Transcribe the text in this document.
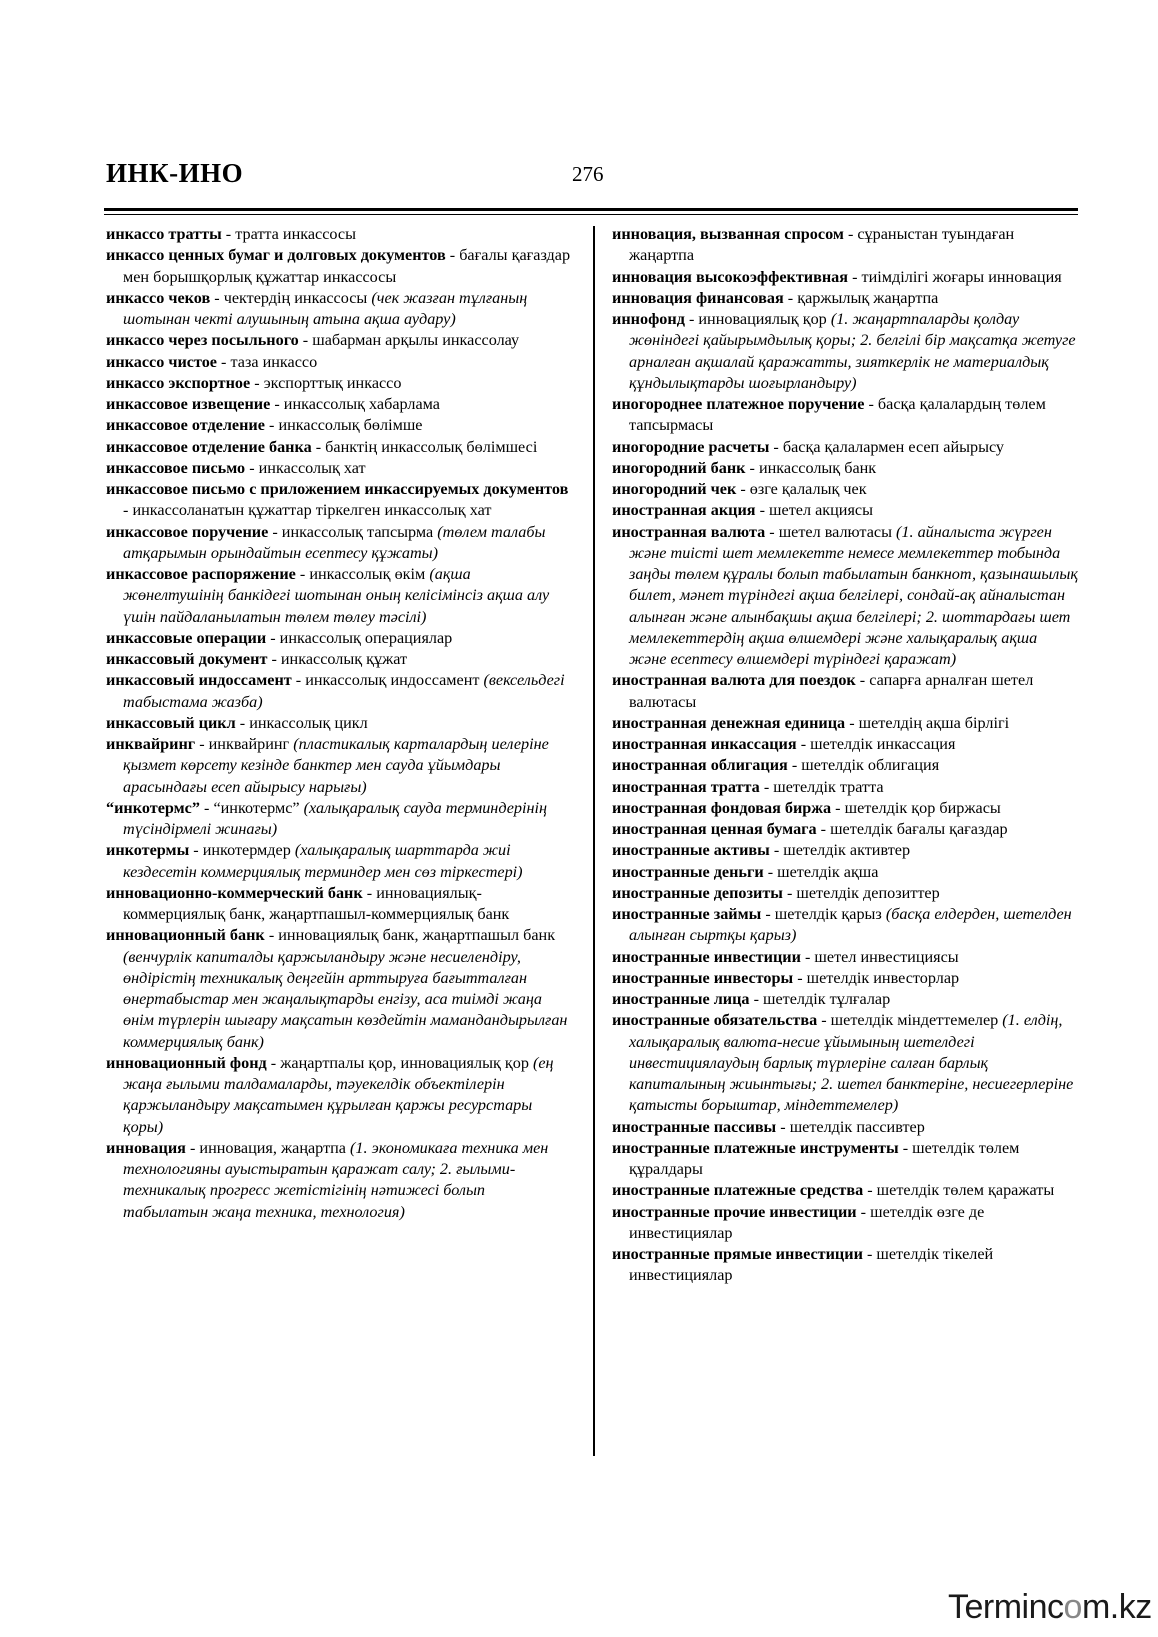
ИНК-ИНО	276

инкассо тратты - тратта инкассосы

инкассо ценных бумаг и долговых документов - бағалы қағаздар мен борышқорлық құжаттар инкассосы

инкассо чеков - чектердің инкассосы (чек жазған тұлғаның шотынан чекті алушының атына ақша аудару)

инкассо через посыльного - шабарман арқылы инкассолау

инкассо чистое - таза инкассо

инкассо экспортное - экспорттық инкассо

инкассовое извещение - инкассолық хабарлама

инкассовое отделение - инкассолық бөлімше

инкассовое отделение банка - банктің инкассолық бөлімшесі

инкассовое письмо - инкассолық хат

инкассовое письмо с приложением инкассируемых документов - инкассоланатын құжаттар тіркелген инкассолық хат

инкассовое поручение - инкассолық тапсырма (төлем талабы атқарымын орындайтын есептесу құжаты)

инкассовое распоряжение - инкассолық өкім (ақша жөнелтушінің банкідегі шотынан оның келісімінсіз ақша алу үшін пайдаланылатын төлем төлеу тәсілі)

инкассовые операции - инкассолық операциялар

инкассовый документ - инкассолық құжат

инкассовый индоссамент - инкассолық индоссамент (вексельдегі табыстама жазба)

инкассовый цикл - инкассолық цикл

инквайринг - инквайринг (пластикалық карталардың иелеріне қызмет көрсету кезінде банктер мен сауда ұйымдары арасындағы есеп айырысу нарығы)

“инкотермс” - “инкотермс” (халықаралық сауда терминдерінің түсіндірмелі жинағы)

инкотермы - инкотермдер (халықаралық шарттарда жиі кездесетін коммерциялық терминдер мен сөз тіркестері)

инновационно-коммерческий банк - инновациялық-коммерциялық банк, жаңартпашыл-коммерциялық банк

инновационный банк - инновациялық банк, жаңартпашыл банк (венчурлік капиталды қаржыландыру және несиелендіру, өндірістің техникалық деңгейін арттыруға бағытталған өнертабыстар мен жаңалықтарды енгізу, аса тиімді жаңа өнім түрлерін шығару мақсатын көздейтін мамандандырылған коммерциялық банк)

инновационный фонд - жаңартпалы қор, инновациялық қор (ең жаңа ғылыми талдамаларды, тәуекелдік объектілерін қаржыландыру мақсатымен құрылған қаржы ресурстары қоры)

инновация - инновация, жаңартпа (1. экономикаға техника мен технологияны ауыстыратын қаражат салу; 2. ғылыми-техникалық прогресс жетістігінің нәтижесі болып табылатын жаңа техника, технология)

инновация, вызванная спросом - сұраныстан туындаған жаңартпа

инновация высокоэффективная - тиімділігі жоғары инновация

инновация финансовая - қаржылық жаңартпа

иннофонд - инновациялық қор (1. жаңартпаларды қолдау жөніндегі қайырымдылық қоры; 2. белгілі бір мақсатқа жетуге арналған ақшалай қаражатты, зияткерлік не материалдық құндылықтарды шоғырландыру)

иногороднее платежное поручение - басқа қалалардың төлем тапсырмасы

иногородние расчеты - басқа қалалармен есеп айырысу

иногородний банк - инкассолық банк

иногородний чек - өзге қалалық чек

иностранная акция - шетел акциясы

иностранная валюта - шетел валютасы (1. айналыста жүрген және тиісті шет мемлекетте немесе мемлекеттер тобында заңды төлем құралы болып табылатын банкнот, қазынашылық билет, мәнет түріндегі ақша белгілері, сондай-ақ айналыстан алынған және алынбақшы ақша белгілері; 2. шоттардағы шет мемлекеттердің ақша өлшемдері және халықаралық ақша және есептесу өлшемдері түріндегі қаражат)

иностранная валюта для поездок - сапарға арналған шетел валютасы

иностранная денежная единица - шетелдің ақша бірлігі

иностранная инкассация - шетелдік инкассация

иностранная облигация - шетелдік облигация

иностранная тратта - шетелдік тратта

иностранная фондовая биржа - шетелдік қор биржасы

иностранная ценная бумага - шетелдік бағалы қағаздар

иностранные активы - шетелдік активтер

иностранные деньги - шетелдік ақша

иностранные депозиты - шетелдік депозиттер

иностранные займы - шетелдік қарыз (басқа елдерден, шетелден алынған сыртқы қарыз)

иностранные инвестиции - шетел инвестициясы

иностранные инвесторы - шетелдік инвесторлар

иностранные лица - шетелдік тұлғалар

иностранные обязательства - шетелдік міндеттемелер (1. елдің, халықаралық валюта-несие ұйымының шетелдегі инвестициялаудың барлық түрлеріне салған барлық капиталының жиынтығы; 2. шетел банктеріне, несиегерлеріне қатысты борыштар, міндеттемелер)

иностранные пассивы - шетелдік пассивтер

иностранные платежные инструменты - шетелдік төлем құралдары

иностранные платежные средства - шетелдік төлем қаражаты

иностранные прочие инвестиции - шетелдік өзге де инвестициялар

иностранные прямые инвестиции - шетелдік тікелей инвестициялар

Termincom.kz
